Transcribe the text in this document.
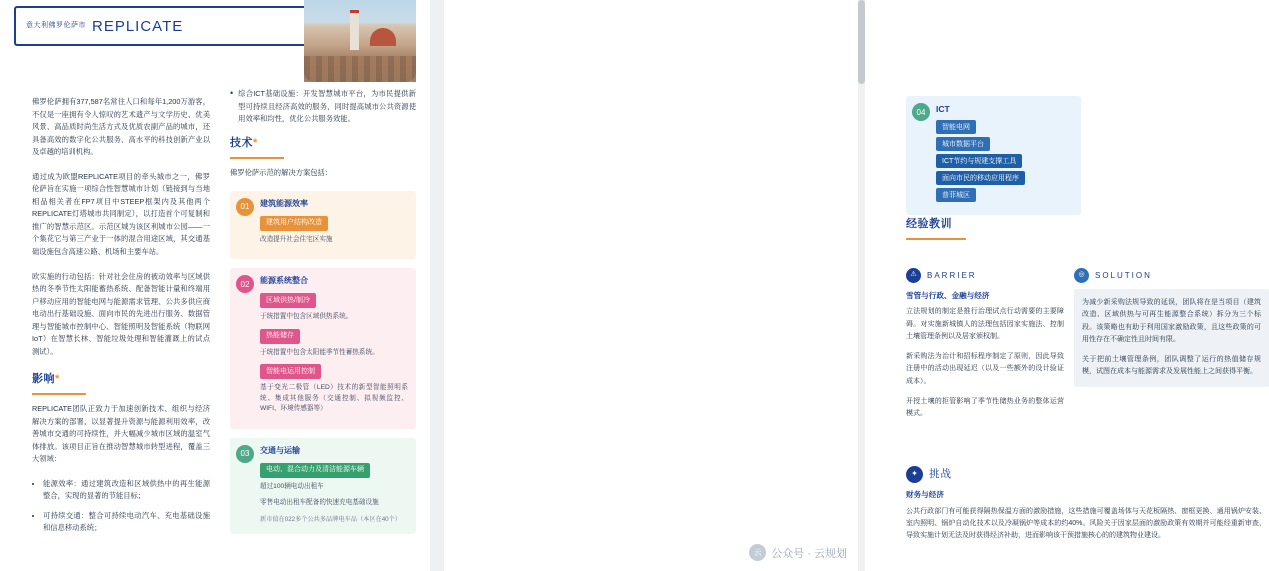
意大利佛罗伦萨市 REPLICATE

佛罗伦萨拥有377,587名常住人口和每年1,200万游客，不仅是一座拥有令人惊叹的艺术遗产与文学历史、优美风景、高品质时尚生活方式及优质农副产品的城市，还具备高效的数字化公共服务、高水平的科技创新产业以及卓越的培训机构。

通过成为欧盟REPLICATE项目的牵头城市之一，佛罗伦萨旨在实施一项综合性智慧城市计划（链接到与当地相品相关者在FP7项目中STEEP框架内及其他两个REPLICATE灯塔城市共同制定），以打造首个可复制和推广的智慧示范区。示范区城为该区利城市公园——一个集花它与第三产业于一体的混合用途区域，其交通基础设施包含高速公路、机场和主要车站。

欧实施的行动包括：针对社会住房的被动效率与区域供热的冬季节性太阳能蓄热系统、配备智能计量和终端用户移动应用的智能电网与能源需求管理、公共多供应商电动出行基础设施、面向市民的先进出行服务、数据管理与智能城市控制中心、智能照明及智能系统（物联网IoT）在智慧长林、智能垃圾处理和智能灌溉上的试点测试）。

影响*

REPLICATE团队正致力于加速创新技术、组织与经济解决方案的部署，以显著提升资源与能源利用效率，改善城市交通的可持续性，并大幅减少城市区域的温室气体排放。该项目正旨在推动智慧城市转型进程，覆盖三大领域：

• 能源效率：通过建筑改造和区域供热中的再生能源整合，实现的显著的节能目标；
• 可持续交通：整合可持续电动汽车、充电基础设施和信息移动系统；
• 综合ICT基础设施：开发智慧城市平台，为市民提供新型可持续且经济高效的服务，同时提高城市公共资源使用效率和均性，优化公共服务效能。
技术*

佛罗伦萨示范的解决方案包括：

01	建筑能源效率
建筑用户结构改造

改造提升社会住宅区实施

02	能源系统整合
区域供热/制冷

于统措置中包含区域供热系统。

热能储存

于统措置中包含太阳能季节性蓄热系统。

智能电运用控制

基于变光二极管（LED）技术的新型智能照明系统、集成其他服务（交通控制、拟视频监控、WIFI、环境传感器等）

03	交通与运输
电动、混合动力及清洁能源车辆

超过100辆电动出租车

零售电动出租车配备的快速充电基础设施

新市值在022多个公共多品牌电车品（本区在40个）
04	ICT
智能电网
城市数据平台
ICT节约与规建支撑工具
面向市民的移动应用程序
普菲城区
经验教训
⚠	BARRIER
雪管与行政、金融与经济

立法规划的制定是推行治理试点行动需要的主要障碍。对实施新城镇人的法理包括因家实施法、控制土壤管理条例以及居家颁权制。

新采购法为治计和招标程序制定了原则，因此导致注册中的活动出现延迟（以及一些额外的设计验证成本）。

开授土壤的拒管影响了季节性储热业务的整体运营模式。

◎	SOLUTION

为减少新采购法规导致的延误，团队将在是当项目（建筑改造、区域供热与可再生能源整合系统）拆分为三个标段。该策略也有助于利用国家激励政策，且这些政策的可用性存在不确定性且时间有限。

关于把前土壤管理条例，团队调整了运行的热值储存规模，试图在成本与能源需求及发展性能上之间获得平衡。

✦	挑战
财务与经济

公共行政部门有可能获得隔热保温方面的激励措施，这些措施可覆盖场体与天花板隔热、窗框更换、通用锅炉安装、室内照明、锅炉自动化技术以及冷凝锅炉等成本的约40%。风险关于因家层面的激励政策有效期并可能经重新审查，导致实施计划无法及时获得经济补助，进而影响该干预措施核心的的建筑物业建设。

云 公众号 · 云规划
